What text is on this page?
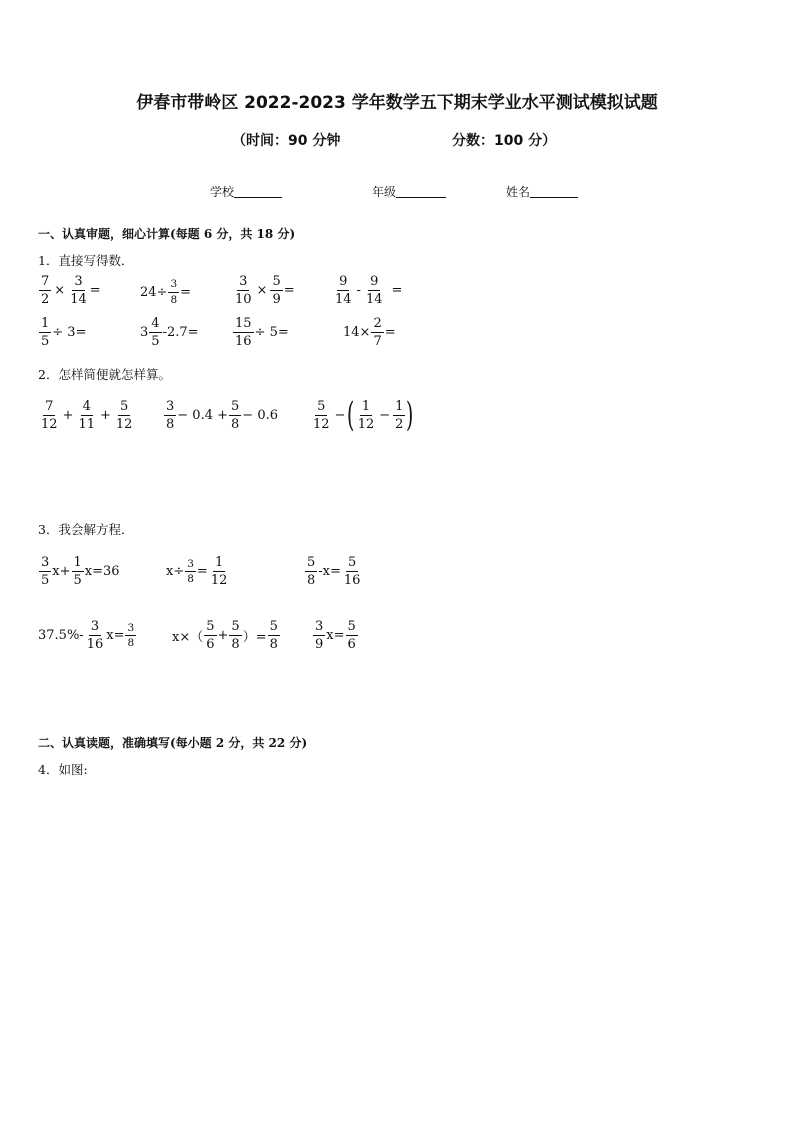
伊春市带岭区 2022-2023 学年数学五下期末学业水平测试模拟试题
（时间：90 分钟	分数：100 分）
学校	年级	姓名
一、认真审题，细心计算(每题 6 分，共 18 分)
1．直接写得数．
$\frac{7}{2} \times \frac{3}{14}$ =	$24\div \frac{3}{8}$ =	$\frac{3}{10} \times \frac{5}{9}$ =	$\frac{9}{14} - \frac{9}{14}$ =
$\frac{1}{5} \div 3=$	$3 \frac{4}{5} -2.7=$	$\frac{15}{16} \div 5=$	$14\times \frac{2}{7}$ =
2．怎样简便就怎样算。
$\frac{7}{12} + \frac{4}{11} + \frac{5}{12} \frac{3}{8} - 0.4 + \frac{5}{8} - 0.6$	$\frac{5}{12}$ − ( $\frac{1}{12} - \frac{1}{2}$ )
3．我会解方程．
$\frac{3}{5} x+ \frac{1}{5} x=36$	$x\div \frac{3}{8} = \frac{1}{12}$	$\frac{5}{8} -x= \frac{5}{16}$
$37.5\%- \frac{3}{16} x= \frac{3}{8}$	$x\times( \frac{5}{6} + \frac{5}{8}$ ）= $\frac{5}{8}$	$\frac{3}{9} x= \frac{5}{6}$
二、认真读题，准确填写(每小题 2 分，共 22 分)
4．如图:
